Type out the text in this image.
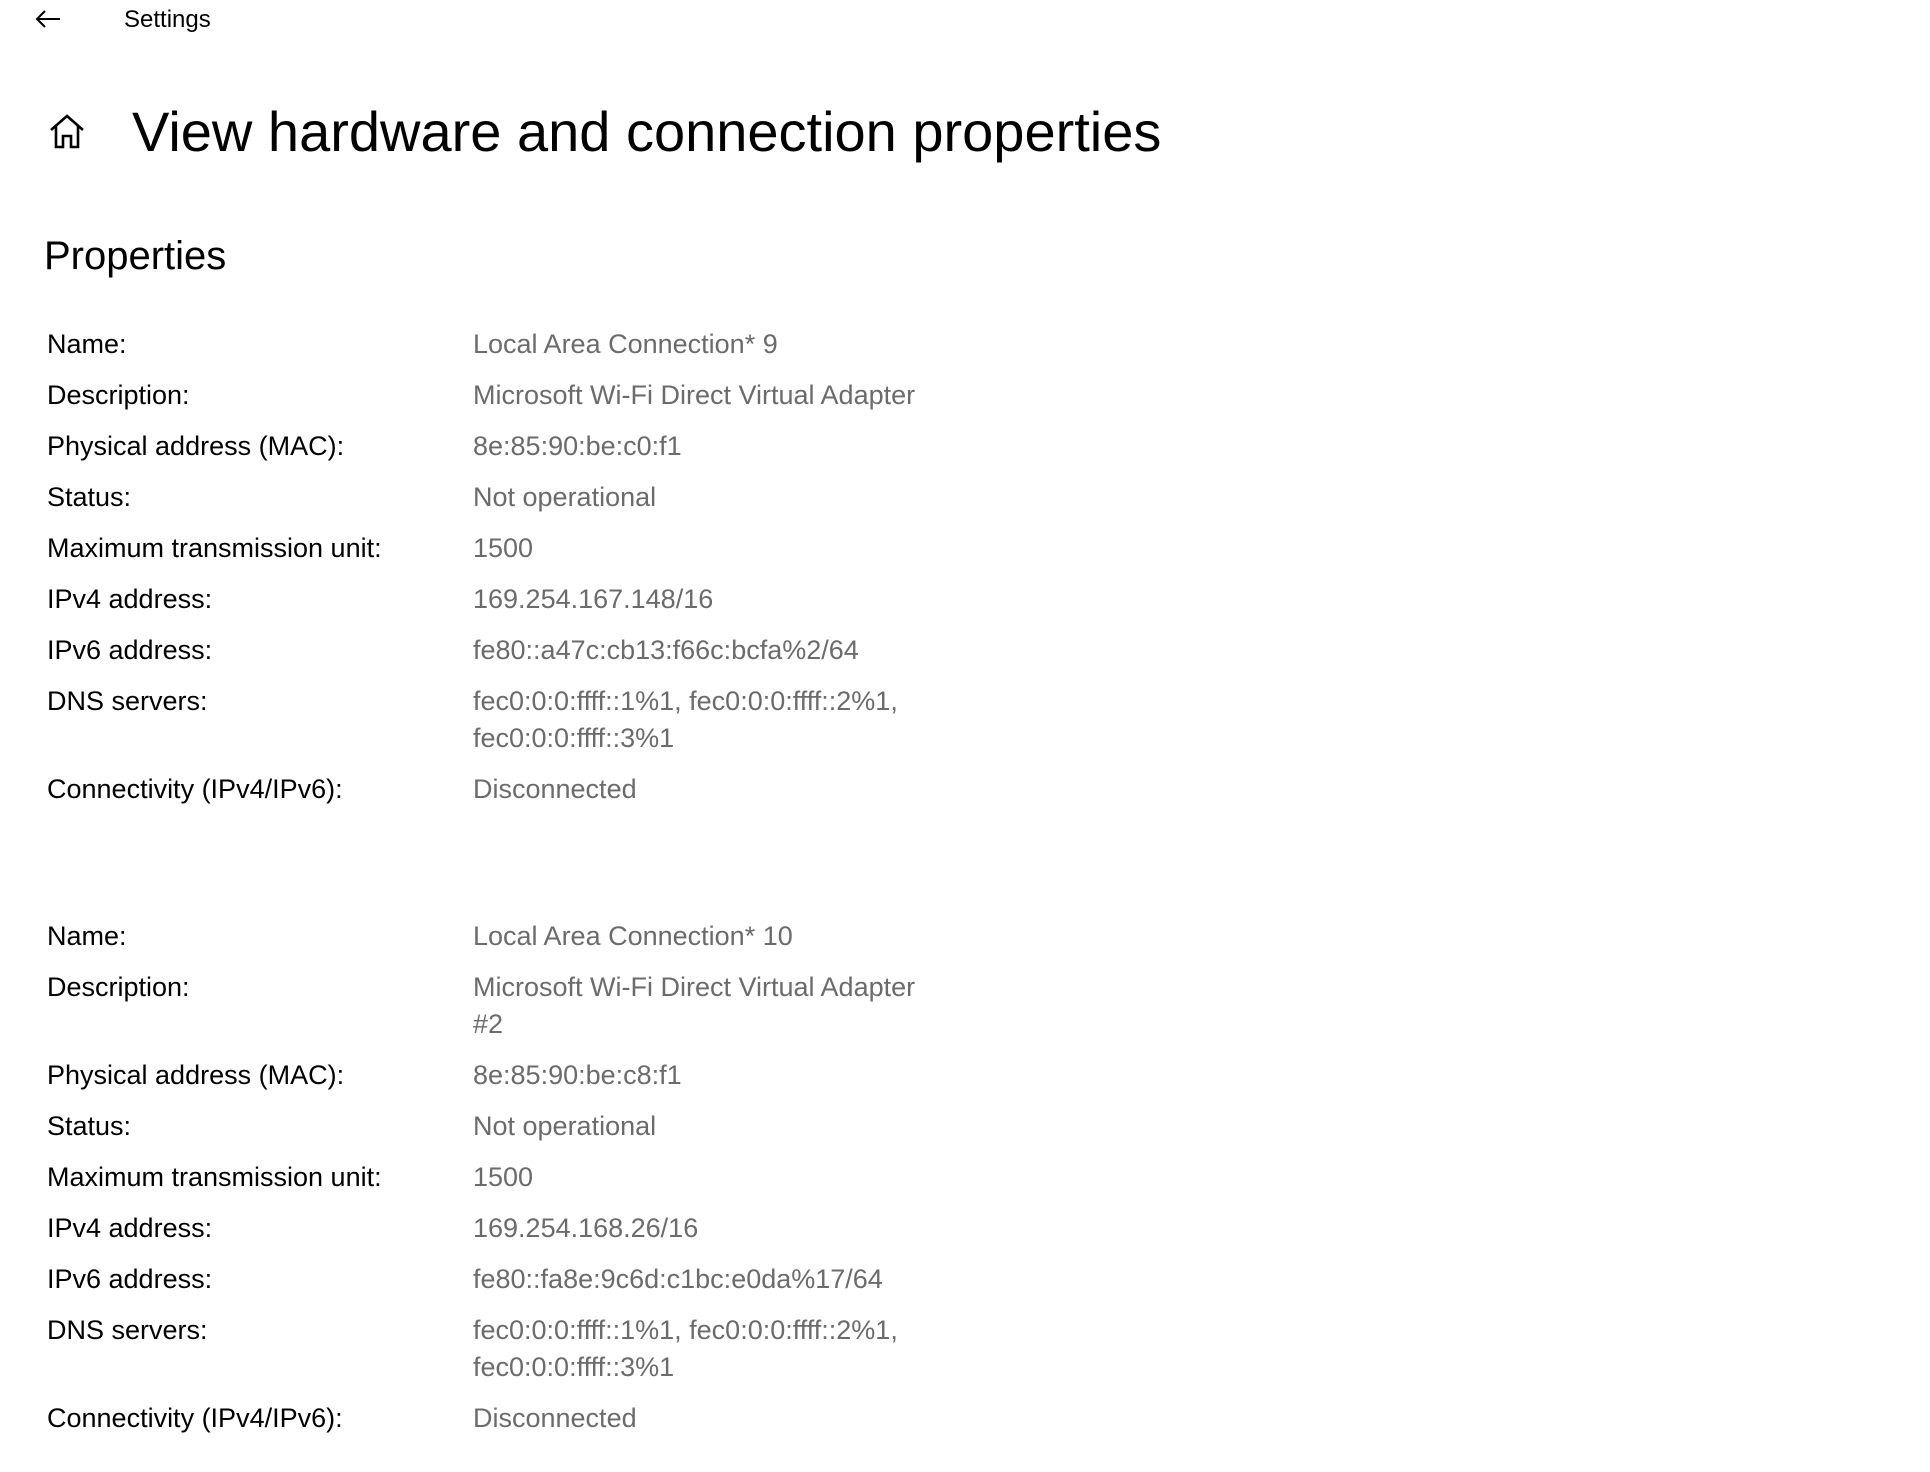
Settings
View hardware and connection properties
Properties
Name:	Local Area Connection* 9
Description:	Microsoft Wi-Fi Direct Virtual Adapter
Physical address (MAC):	8e:85:90:be:c0:f1
Status:	Not operational
Maximum transmission unit:	1500
IPv4 address:	169.254.167.148/16
IPv6 address:	fe80::a47c:cb13:f66c:bcfa%2/64
DNS servers:	fec0:0:0:ffff::1%1, fec0:0:0:ffff::2%1,
fec0:0:0:ffff::3%1
Connectivity (IPv4/IPv6):	Disconnected
Name:	Local Area Connection* 10
Description:	Microsoft Wi-Fi Direct Virtual Adapter
#2
Physical address (MAC):	8e:85:90:be:c8:f1
Status:	Not operational
Maximum transmission unit:	1500
IPv4 address:	169.254.168.26/16
IPv6 address:	fe80::fa8e:9c6d:c1bc:e0da%17/64
DNS servers:	fec0:0:0:ffff::1%1, fec0:0:0:ffff::2%1,
fec0:0:0:ffff::3%1
Connectivity (IPv4/IPv6):	Disconnected
